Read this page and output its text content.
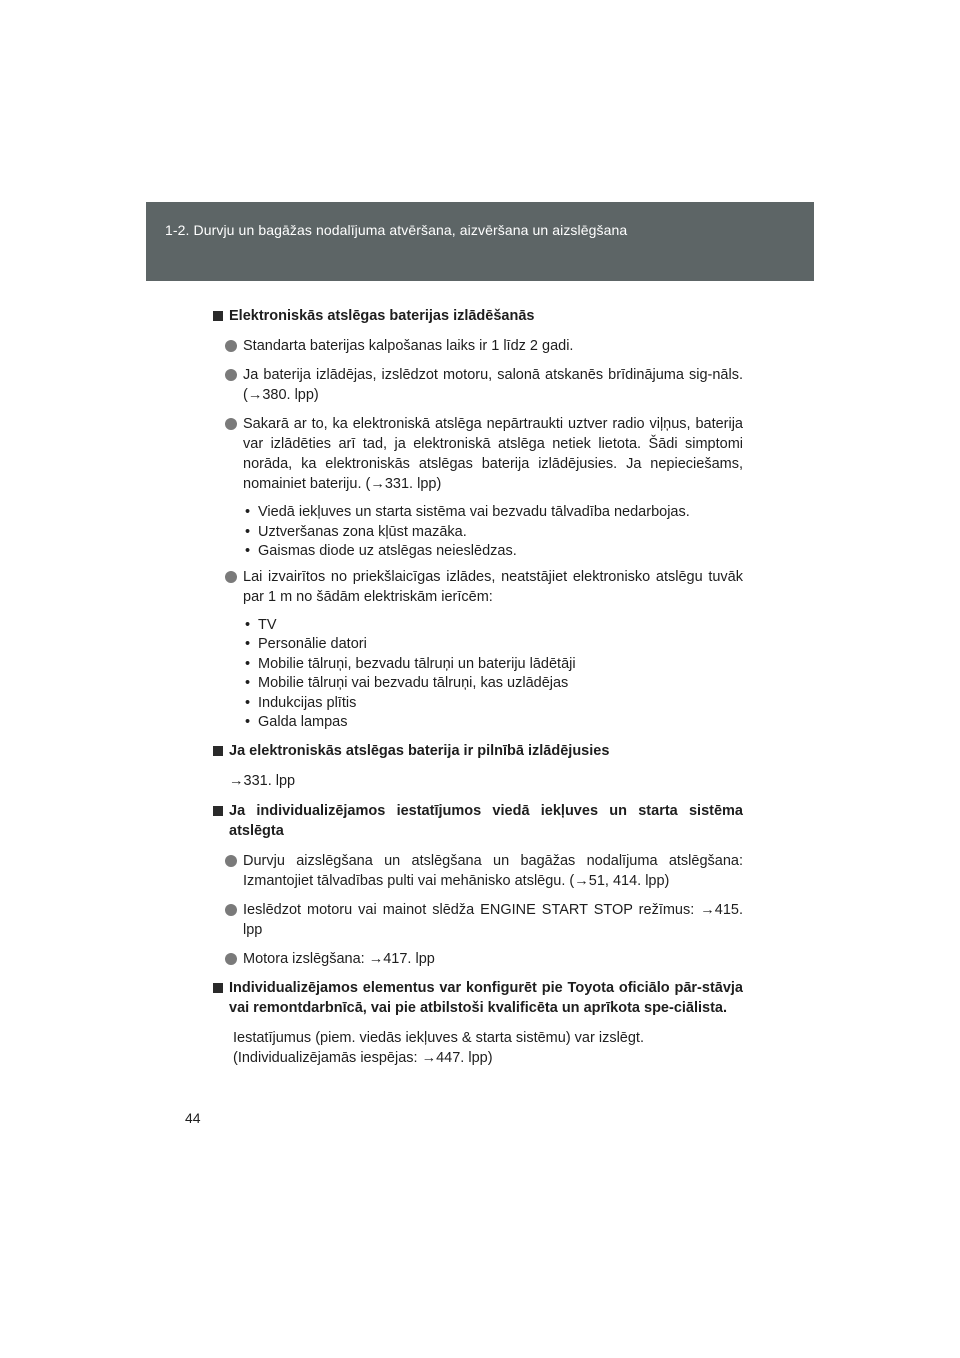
1-2. Durvju un bagāžas nodalījuma atvēršana, aizvēršana un aizslēgšana
Elektroniskās atslēgas baterijas izlādēšanās
Standarta baterijas kalpošanas laiks ir 1 līdz 2 gadi.
Ja baterija izlādējas, izslēdzot motoru, salonā atskanēs brīdinājuma sig-nāls. (→380. lpp)
Sakarā ar to, ka elektroniskā atslēga nepārtraukti uztver radio viļņus, baterija var izlādēties arī tad, ja elektroniskā atslēga netiek lietota. Šādi simptomi norāda, ka elektroniskās atslēgas baterija izlādējusies. Ja nepieciešams, nomainiet bateriju. (→331. lpp)
• Viedā iekļuves un starta sistēma vai bezvadu tālvadība nedarbojas.
• Uztveršanas zona kļūst mazāka.
• Gaismas diode uz atslēgas neieslēdzas.
Lai izvairītos no priekšlaicīgas izlādes, neatstājiet elektronisko atslēgu tuvāk par 1 m no šādām elektriskām ierīcēm:
• TV
• Personālie datori
• Mobilie tālruņi, bezvadu tālruņi un bateriju lādētāji
• Mobilie tālruņi vai bezvadu tālruņi, kas uzlādējas
• Indukcijas plītis
• Galda lampas
Ja elektroniskās atslēgas baterija ir pilnībā izlādējusies
→331. lpp
Ja individualizējamos iestatījumos viedā iekļuves un starta sistēma atslēgta
Durvju aizslēgšana un atslēgšana un bagāžas nodalījuma atslēgšana: Izmantojiet tālvadības pulti vai mehānisko atslēgu. (→51, 414. lpp)
Ieslēdzot motoru vai mainot slēdža ENGINE START STOP režīmus: →415. lpp
Motora izslēgšana: →417. lpp
Individualizējamos elementus var konfigurēt pie Toyota oficiālo pār-stāvja vai remontdarbnīcā, vai pie atbilstoši kvalificēta un aprīkota spe-ciālista.
Iestatījumus (piem. viedās iekļuves & starta sistēmu) var izslēgt.
(Individualizējamās iespējas: →447. lpp)
44
